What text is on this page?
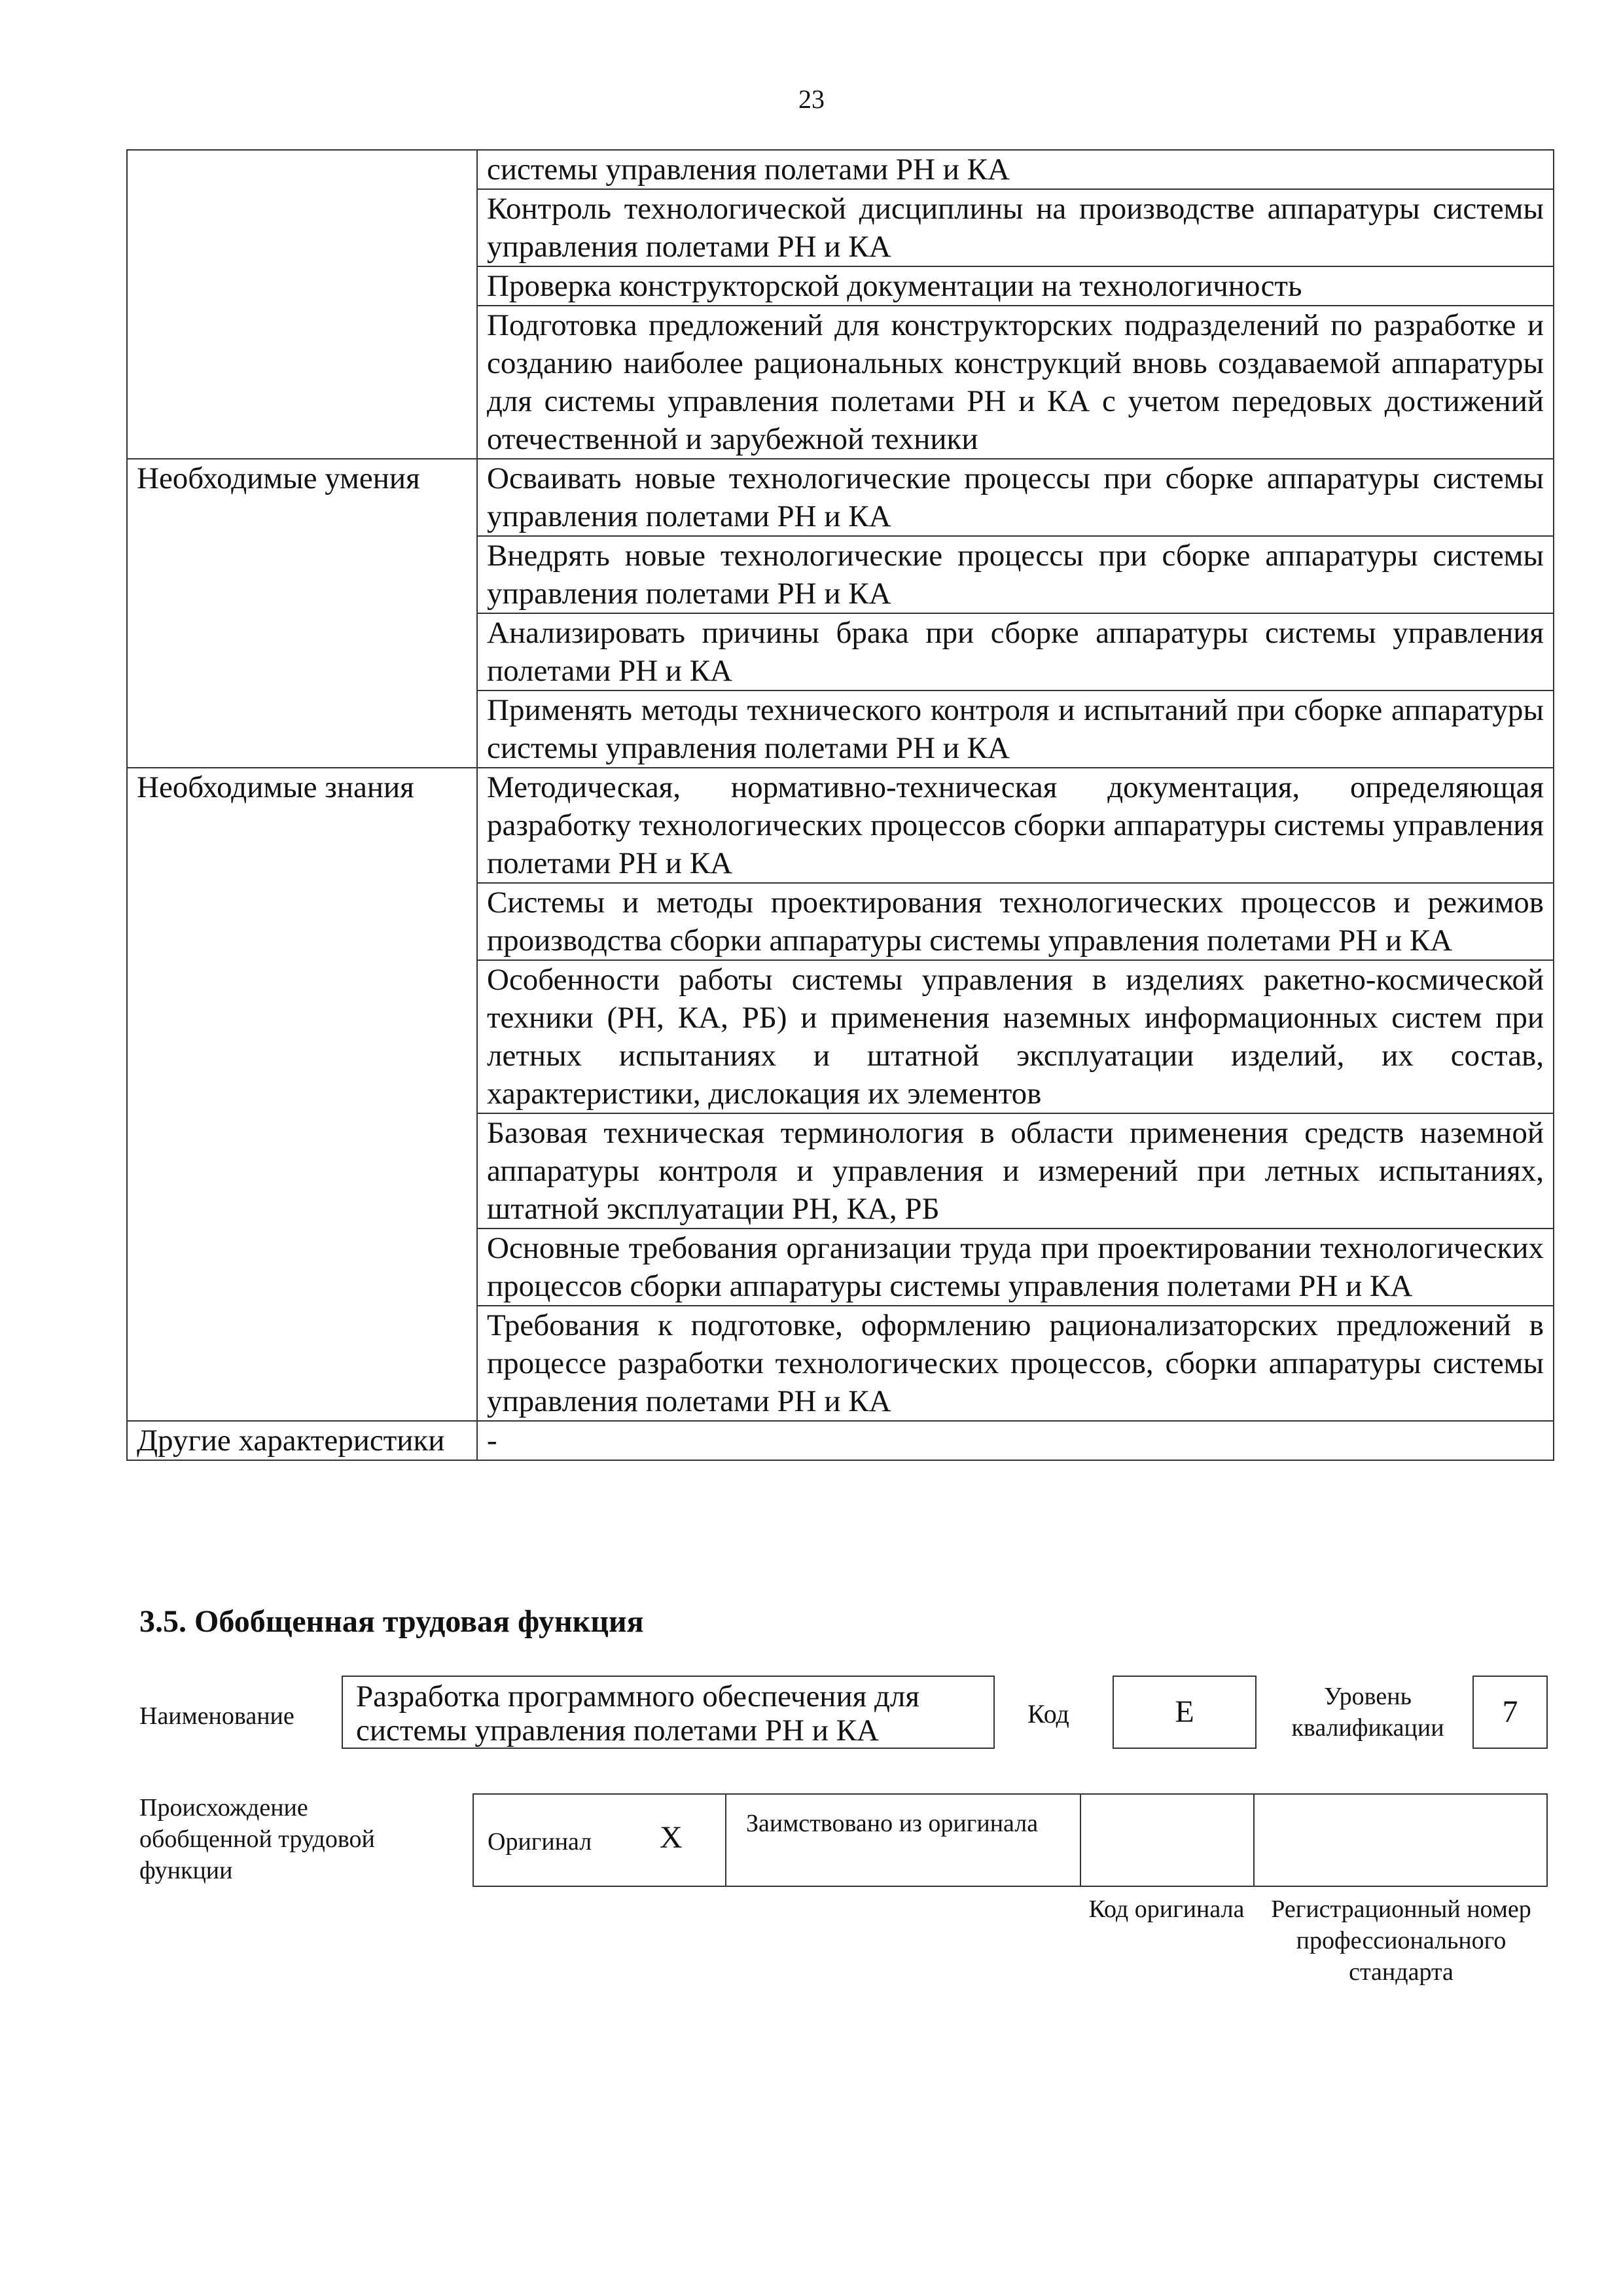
23
	системы управления полетами РН и КА
	Контроль технологической дисциплины на производстве аппаратуры системы управления полетами РН и КА
	Проверка конструкторской документации на технологичность
	Подготовка предложений для конструкторских подразделений по разработке и созданию наиболее рациональных конструкций вновь создаваемой аппаратуры для системы управления полетами РН и КА с учетом передовых достижений отечественной и зарубежной техники
Необходимые умения	Осваивать новые технологические процессы при сборке аппаратуры системы управления полетами РН и КА
	Внедрять новые технологические процессы при сборке аппаратуры системы управления полетами РН и КА
	Анализировать причины брака при сборке аппаратуры системы управления полетами РН и КА
	Применять методы технического контроля и испытаний при сборке аппаратуры системы управления полетами РН и КА
Необходимые знания	Методическая, нормативно-техническая документация, определяющая разработку технологических процессов сборки аппаратуры системы управления полетами РН и КА
	Системы и методы проектирования технологических процессов и режимов производства сборки аппаратуры системы управления полетами РН и КА
	Особенности работы системы управления в изделиях ракетно-космической техники (РН, КА, РБ) и применения наземных информационных систем при летных испытаниях и штатной эксплуатации изделий, их состав, характеристики, дислокация их элементов
	Базовая техническая терминология в области применения средств наземной аппаратуры контроля и управления и измерений при летных испытаниях, штатной эксплуатации РН, КА, РБ
	Основные требования организации труда при проектировании технологических процессов сборки аппаратуры системы управления полетами РН и КА
	Требования к подготовке, оформлению рационализаторских предложений в процессе разработки технологических процессов, сборки аппаратуры системы управления полетами РН и КА
Другие характеристики	-
3.5. Обобщенная трудовая функция
Наименование
Разработка программного обеспечения для системы управления полетами РН и КА	Код	E	Уровень квалификации	7
Происхождение обобщенной трудовой функции
Оригинал X	Заимствовано из оригинала
Код оригинала	Регистрационный номер профессионального стандарта
